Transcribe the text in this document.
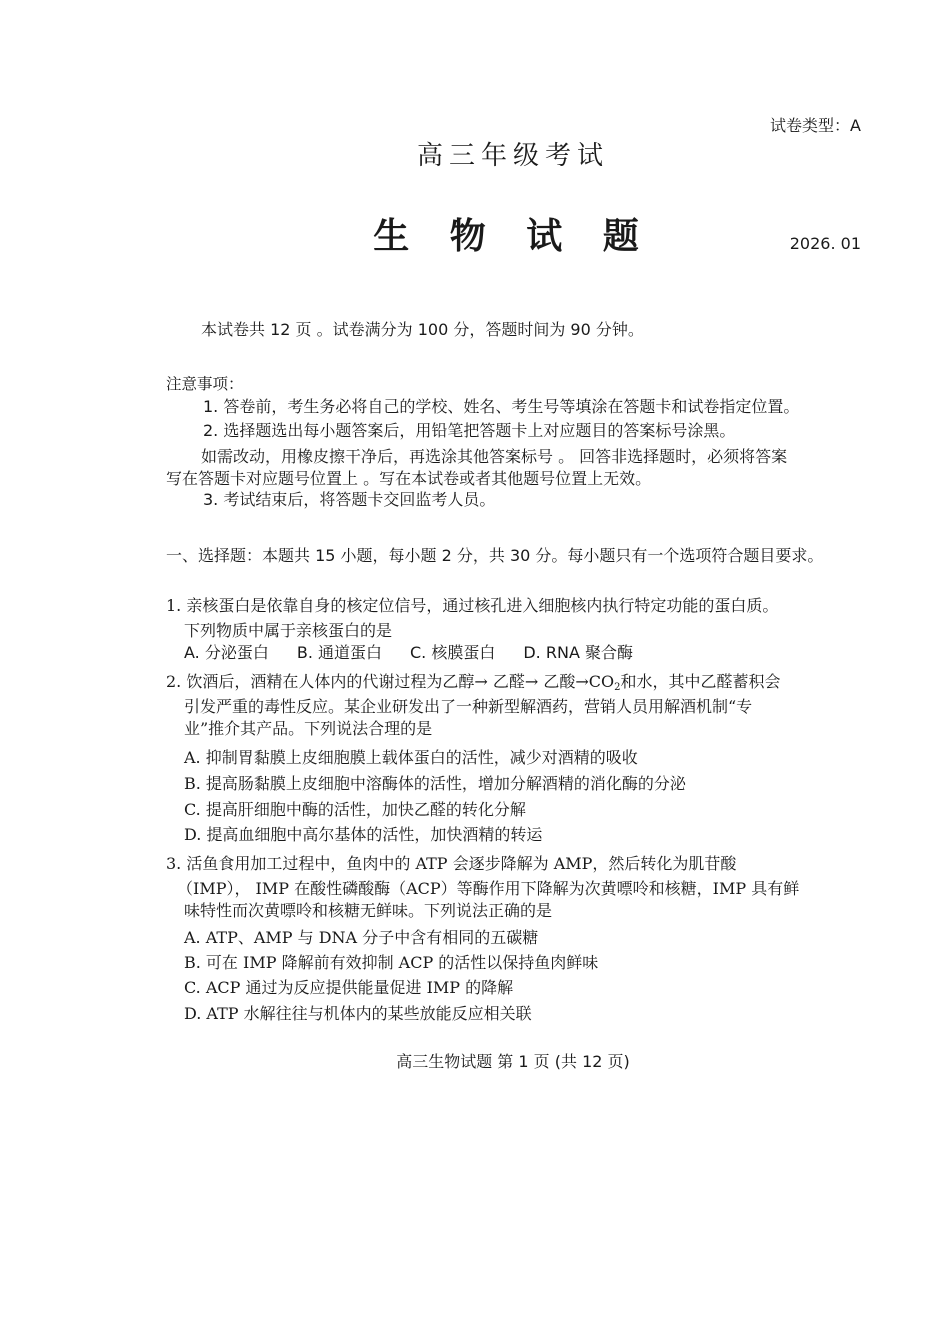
试卷类型：A
高三年级考试
生 物 试 题	2026. 01
本试卷共 12 页 。试卷满分为 100 分，答题时间为 90 分钟。
注意事项：
1. 答卷前，考生务必将自己的学校、姓名、考生号等填涂在答题卡和试卷指定位置。
2. 选择题选出每小题答案后，用铅笔把答题卡上对应题目的答案标号涂黑。
如需改动，用橡皮擦干净后，再选涂其他答案标号 。 回答非选择题时，必须将答案
写在答题卡对应题号位置上 。写在本试卷或者其他题号位置上无效。
3. 考试结束后，将答题卡交回监考人员。
一、选择题：本题共 15 小题，每小题 2 分，共 30 分。每小题只有一个选项符合题目要求。
1. 亲核蛋白是依靠自身的核定位信号，通过核孔进入细胞核内执行特定功能的蛋白质。
下列物质中属于亲核蛋白的是
A. 分泌蛋白 B. 通道蛋白 C. 核膜蛋白 D. RNA 聚合酶
2. 饮酒后，酒精在人体内的代谢过程为乙醇→ 乙醛→ 乙酸$\to CO_2$和水，其中乙醛蓄积会
引发严重的毒性反应。某企业研发出了一种新型解酒药，营销人员用解酒机制“专
业”推介其产品。下列说法合理的是
A. 抑制胃黏膜上皮细胞膜上载体蛋白的活性，减少对酒精的吸收
B. 提高肠黏膜上皮细胞中溶酶体的活性，增加分解酒精的消化酶的分泌
C. 提高肝细胞中酶的活性，加快乙醛的转化分解
D. 提高血细胞中高尔基体的活性，加快酒精的转运
3. 活鱼食用加工过程中，鱼肉中的 ATP 会逐步降解为 AMP，然后转化为肌苷酸
（IMP）， IMP 在酸性磷酸酶（ACP）等酶作用下降解为次黄嘌呤和核糖，IMP 具有鲜
味特性而次黄嘌呤和核糖无鲜味。下列说法正确的是
A. ATP、AMP 与 DNA 分子中含有相同的五碳糖
B. 可在 IMP 降解前有效抑制 ACP 的活性以保持鱼肉鲜味
C. ACP 通过为反应提供能量促进 IMP 的降解
D. ATP 水解往往与机体内的某些放能反应相关联
高三生物试题 第 1 页 (共 12 页)
